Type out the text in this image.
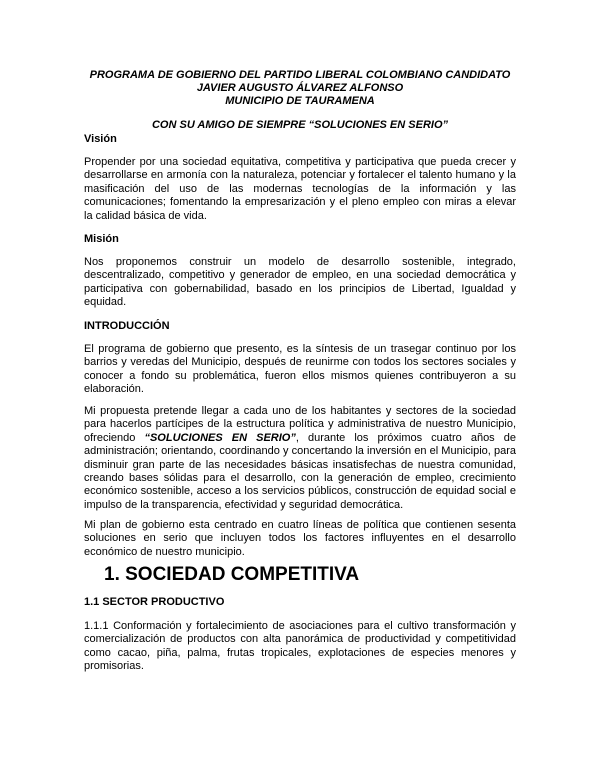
PROGRAMA DE GOBIERNO DEL PARTIDO LIBERAL COLOMBIANO CANDIDATO
JAVIER AUGUSTO ÁLVAREZ ALFONSO
MUNICIPIO DE TAURAMENA
CON SU AMIGO DE SIEMPRE “SOLUCIONES EN SERIO”
Visión

Propender por una sociedad equitativa, competitiva y participativa que pueda crecer y desarrollarse en armonía con la naturaleza, potenciar y fortalecer el talento humano y la masificación del uso de las modernas tecnologías de la información y las comunicaciones; fomentando la empresarización y el pleno empleo con miras a elevar la calidad básica de vida.

Misión

Nos proponemos construir un modelo de desarrollo sostenible, integrado, descentralizado, competitivo y generador de empleo, en una sociedad democrática y participativa con gobernabilidad, basado en los principios de Libertad, Igualdad y equidad.

INTRODUCCIÓN

El programa de gobierno que presento, es la síntesis de un trasegar continuo por los barrios y veredas del Municipio, después de reunirme con todos los sectores sociales y conocer a fondo su problemática, fueron ellos mismos quienes contribuyeron a su elaboración.

Mi propuesta pretende llegar a cada uno de los habitantes y sectores de la sociedad para hacerlos partícipes de la estructura política y administrativa de nuestro Municipio, ofreciendo “SOLUCIONES EN SERIO”, durante los próximos cuatro años de administración; orientando, coordinando y concertando la inversión en el Municipio, para disminuir gran parte de las necesidades básicas insatisfechas de nuestra comunidad, creando bases sólidas para el desarrollo, con la generación de empleo, crecimiento económico sostenible, acceso a los servicios públicos, construcción de equidad social e impulso de la transparencia, efectividad y seguridad democrática.

Mi plan de gobierno esta centrado en cuatro líneas de política que contienen sesenta soluciones en serio que incluyen todos los factores influyentes en el desarrollo económico de nuestro municipio.

1. SOCIEDAD COMPETITIVA
1.1 SECTOR PRODUCTIVO

1.1.1 Conformación y fortalecimiento de asociaciones para el cultivo transformación y comercialización de productos con alta panorámica de productividad y competitividad como cacao, piña, palma, frutas tropicales, explotaciones de especies menores y promisorias.
